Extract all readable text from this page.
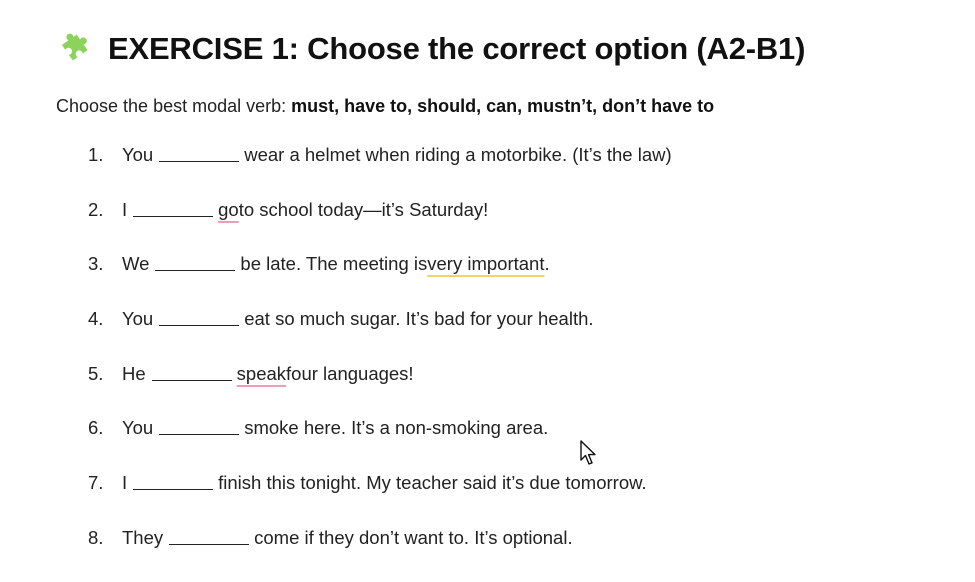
EXERCISE 1: Choose the correct option (A2-B1)
Choose the best modal verb: must, have to, should, can, mustn’t, don’t have to
1.	You	wear a helmet when riding a motorbike. (It’s the law)
2.	I	go to school today—it’s Saturday!
3.	We	be late. The meeting is very important .
4.	You	eat so much sugar. It’s bad for your health.
5.	He	speak four languages!
6.	You	smoke here. It’s a non-smoking area.
7.	I	finish this tonight. My teacher said it’s due tomorrow.
8.	They	come if they don’t want to. It’s optional.
